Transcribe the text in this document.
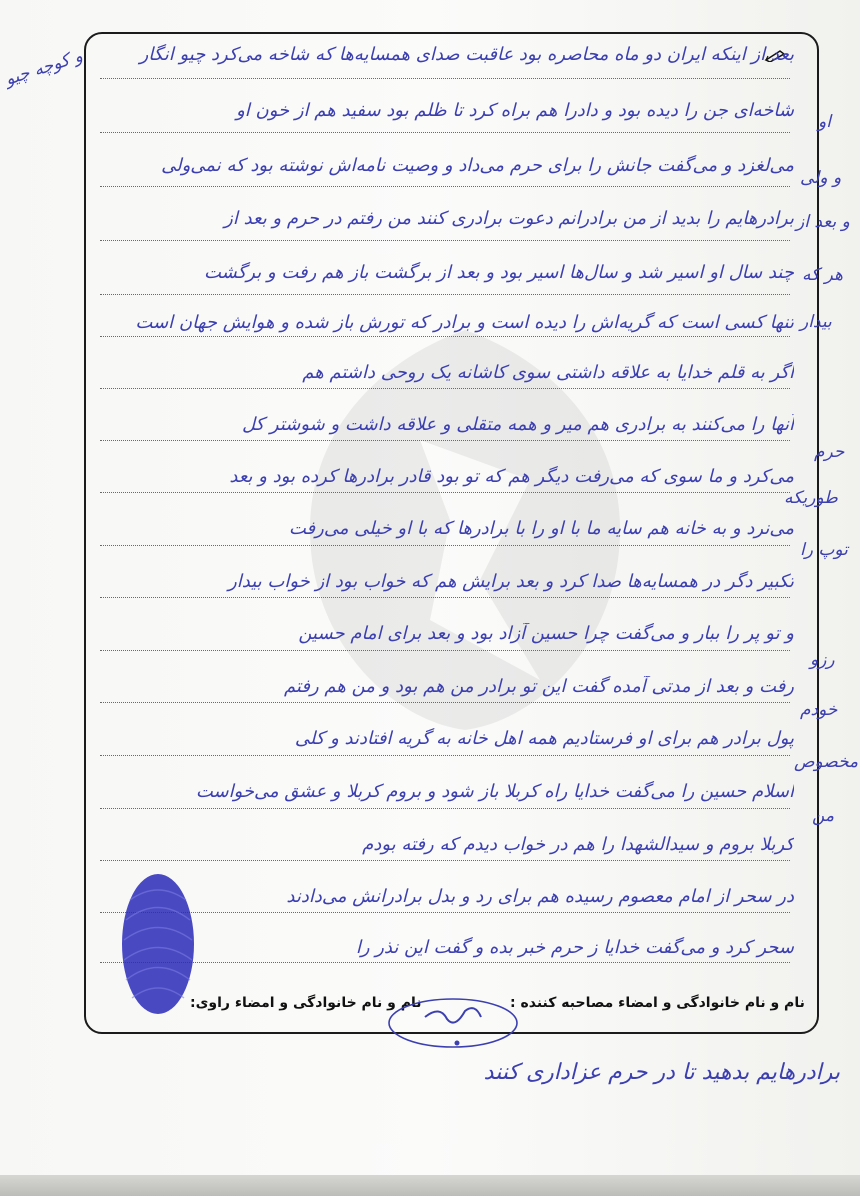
بعد از اینکه ایران دو ماه محاصره بود عاقبت صدای همسایه‌ها که شاخه می‌کرد چیو انگار
شاخه‌ای جن را دیده بود و دادرا هم براه کرد تا ظلم بود سفید هم از خون او
می‌لغزد و می‌گفت جانش را برای حرم می‌داد و وصیت نامه‌اش نوشته بود که نمی‌ولی
برادرهایم را بدید از من برادرانم دعوت برادری کنند من رفتم در حرم و بعد از
چند سال او اسیر شد و سال‌ها اسیر بود و بعد از برگشت باز هم رفت و برگشت
تنها کسی است که گریه‌اش را دیده است و برادر که تورش باز شده و هوایش جهان است
اگر به قلم خدایا به علاقه داشتی سوی کاشانه یک روحی داشتم هم
آنها را می‌کنند به برادری هم میر و همه متقلی و علاقه داشت و شوشتر کل
می‌کرد و ما سوی که می‌رفت دیگر هم که تو بود قادر برادرها کرده بود و بعد
می‌نرد و به خانه هم سایه ما با او را با برادرها که با او خیلی می‌رفت
تکبیر دگر در همسایه‌ها صدا کرد و بعد برایش هم که خواب بود از خواب بیدار
و تو پر را ببار و می‌گفت چرا حسین آزاد بود و بعد برای امام حسین
رفت و بعد از مدتی آمده گفت این تو برادر من هم بود و من هم رفتم
پول برادر هم برای او فرستادیم همه اهل خانه به گریه افتادند و کلی
اسلام حسین را می‌گفت خدایا راه کربلا باز شود و بروم کربلا و عشق می‌خواست
کربلا بروم و سیدالشهدا را هم در خواب دیدم که رفته بودم
در سحر از امام معصوم رسیده هم برای رد و بدل برادرانش می‌دادند
سحر کرد و می‌گفت خدایا ز حرم خبر بده و گفت این نذر را
و کوچه چیو
او
و ولی
و بعد از
هر که
بیدار
حرم
طوریکه
توپ را
رزو
خودم
مخصوص
من
نام و نام خانوادگی و امضاء مصاحبه کننده :
نام و نام خانوادگی و امضاء راوی:
برادرهایم بدهید تا در حرم عزاداری کنند
